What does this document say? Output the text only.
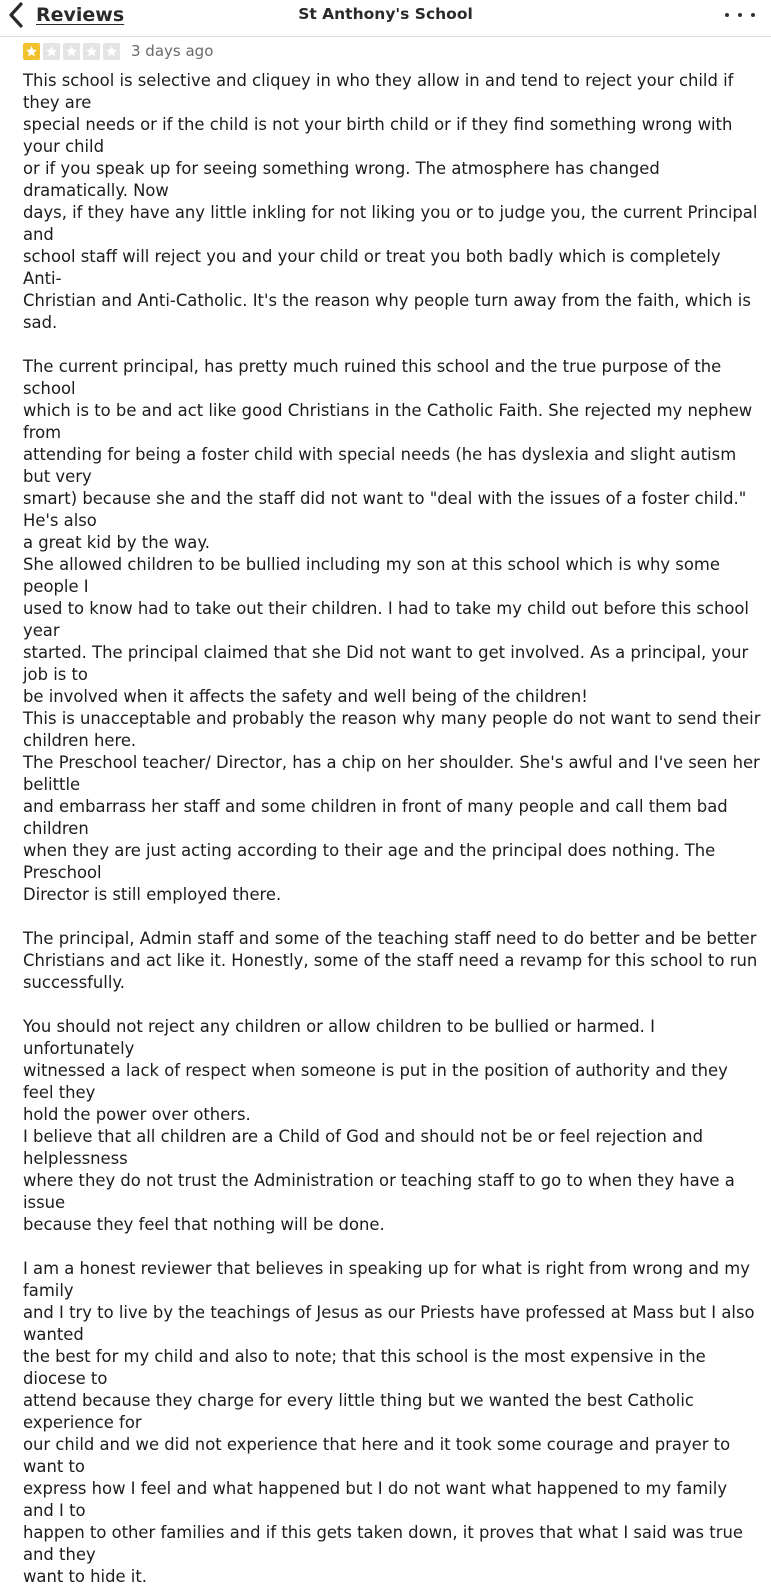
Reviews	St Anthony's School
3 days ago

This school is selective and cliquey in who they allow in and tend to reject your child if they are
special needs or if the child is not your birth child or if they find something wrong with your child
or if you speak up for seeing something wrong. The atmosphere has changed dramatically. Now
days, if they have any little inkling for not liking you or to judge you, the current Principal and
school staff will reject you and your child or treat you both badly which is completely Anti-
Christian and Anti-Catholic. It's the reason why people turn away from the faith, which is sad.

The current principal, has pretty much ruined this school and the true purpose of the school
which is to be and act like good Christians in the Catholic Faith. She rejected my nephew from
attending for being a foster child with special needs (he has dyslexia and slight autism but very
smart) because she and the staff did not want to "deal with the issues of a foster child." He's also
a great kid by the way.
She allowed children to be bullied including my son at this school which is why some people I
used to know had to take out their children. I had to take my child out before this school year
started. The principal claimed that she Did not want to get involved. As a principal, your job is to
be involved when it affects the safety and well being of the children!
This is unacceptable and probably the reason why many people do not want to send their
children here.
The Preschool teacher/ Director, has a chip on her shoulder. She's awful and I've seen her belittle
and embarrass her staff and some children in front of many people and call them bad children
when they are just acting according to their age and the principal does nothing. The Preschool
Director is still employed there.

The principal, Admin staff and some of the teaching staff need to do better and be better
Christians and act like it. Honestly, some of the staff need a revamp for this school to run
successfully.

You should not reject any children or allow children to be bullied or harmed. I unfortunately
witnessed a lack of respect when someone is put in the position of authority and they feel they
hold the power over others.
I believe that all children are a Child of God and should not be or feel rejection and helplessness
where they do not trust the Administration or teaching staff to go to when they have a issue
because they feel that nothing will be done.

I am a honest reviewer that believes in speaking up for what is right from wrong and my family
and I try to live by the teachings of Jesus as our Priests have professed at Mass but I also wanted
the best for my child and also to note; that this school is the most expensive in the diocese to
attend because they charge for every little thing but we wanted the best Catholic experience for
our child and we did not experience that here and it took some courage and prayer to want to
express how I feel and what happened but I do not want what happened to my family and I to
happen to other families and if this gets taken down, it proves that what I said was true and they
want to hide it.
